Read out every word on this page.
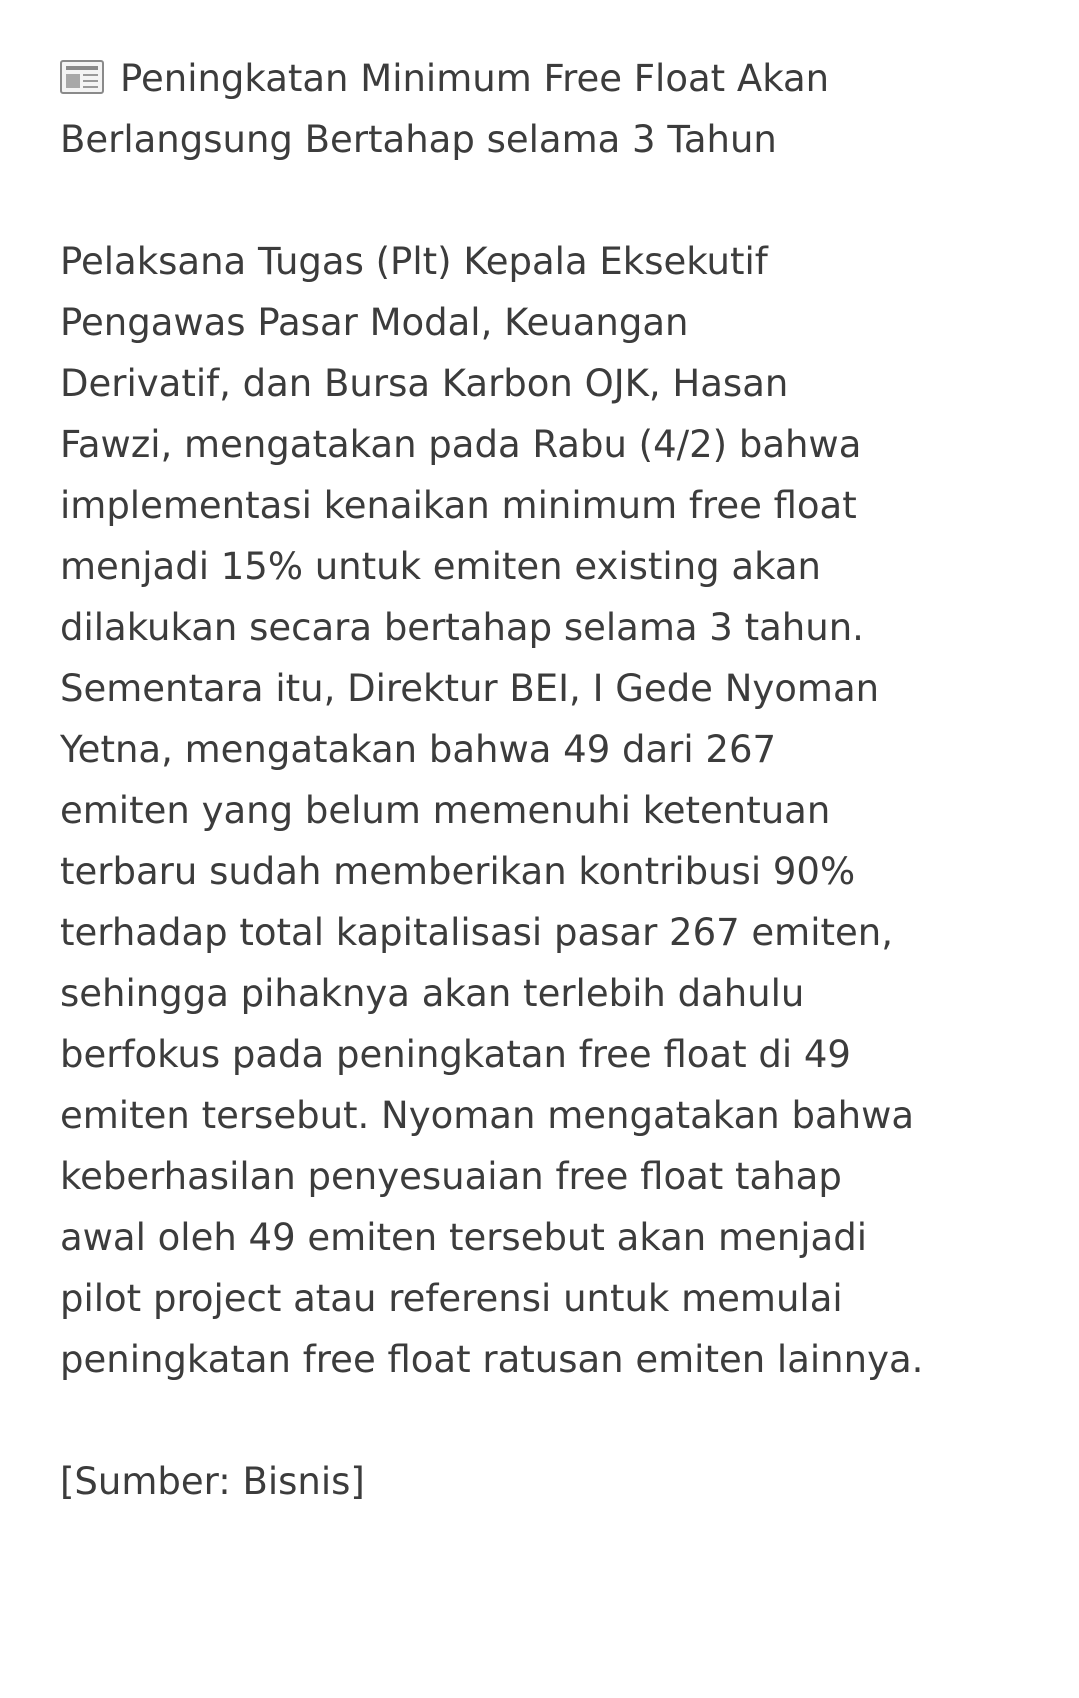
Peningkatan Minimum Free Float Akan
Berlangsung Bertahap selama 3 Tahun
Pelaksana Tugas (Plt) Kepala Eksekutif
Pengawas Pasar Modal, Keuangan
Derivatif, dan Bursa Karbon OJK, Hasan
Fawzi, mengatakan pada Rabu (4/2) bahwa
implementasi kenaikan minimum free float
menjadi 15% untuk emiten existing akan
dilakukan secara bertahap selama 3 tahun.
Sementara itu, Direktur BEI, I Gede Nyoman
Yetna, mengatakan bahwa 49 dari 267
emiten yang belum memenuhi ketentuan
terbaru sudah memberikan kontribusi 90%
terhadap total kapitalisasi pasar 267 emiten,
sehingga pihaknya akan terlebih dahulu
berfokus pada peningkatan free float di 49
emiten tersebut. Nyoman mengatakan bahwa
keberhasilan penyesuaian free float tahap
awal oleh 49 emiten tersebut akan menjadi
pilot project atau referensi untuk memulai
peningkatan free float ratusan emiten lainnya.

[Sumber: Bisnis]
